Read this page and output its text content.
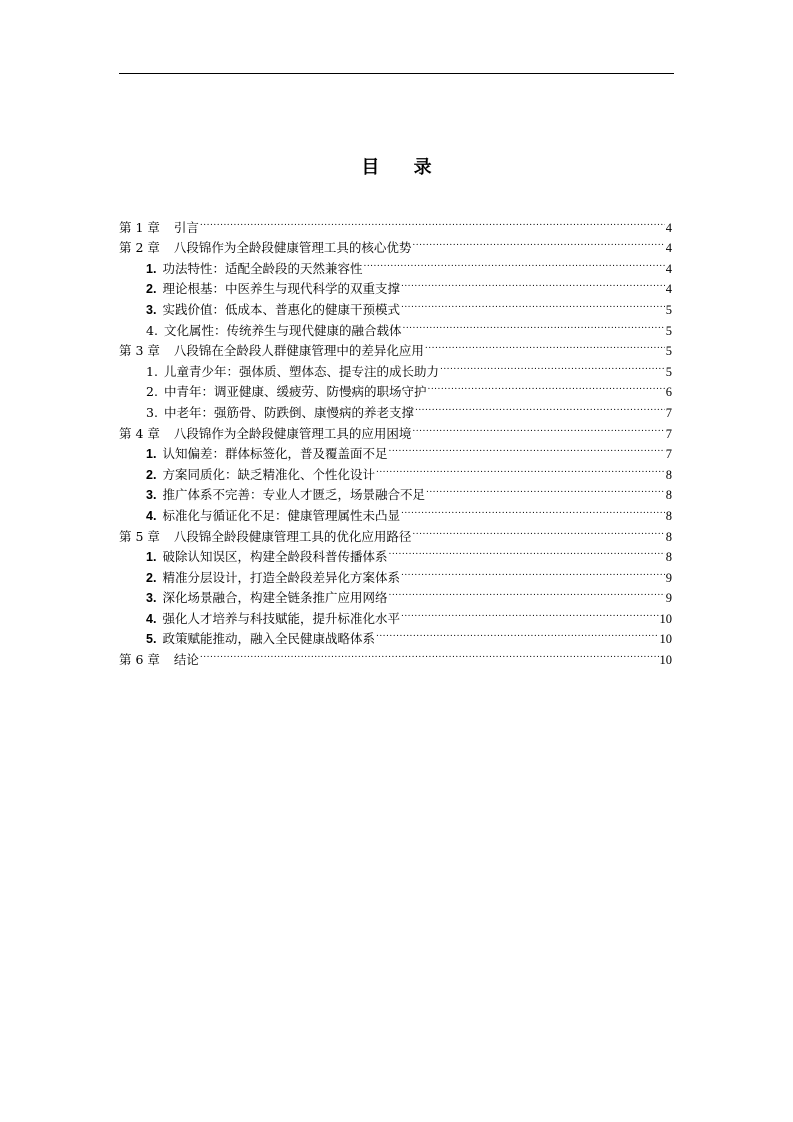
目 录
第 1 章 引言 .....	4
第 2 章 八段锦作为全龄段健康管理工具的核心优势 .....	4
1. 功法特性：适配全龄段的天然兼容性 .....	4
2. 理论根基：中医养生与现代科学的双重支撑 .....	4
3. 实践价值：低成本、普惠化的健康干预模式 .....	5
4. 文化属性：传统养生与现代健康的融合载体 .....	5
第 3 章 八段锦在全龄段人群健康管理中的差异化应用 .....	5
1. 儿童青少年：强体质、塑体态、提专注的成长助力 .....	5
2. 中青年：调亚健康、缓疲劳、防慢病的职场守护 .....	6
3. 中老年：强筋骨、防跌倒、康慢病的养老支撑 .....	7
第 4 章 八段锦作为全龄段健康管理工具的应用困境 .....	7
1. 认知偏差：群体标签化，普及覆盖面不足 .....	7
2. 方案同质化：缺乏精准化、个性化设计 .....	8
3. 推广体系不完善：专业人才匮乏，场景融合不足 .....	8
4. 标准化与循证化不足：健康管理属性未凸显 .....	8
第 5 章 八段锦全龄段健康管理工具的优化应用路径 .....	8
1. 破除认知误区，构建全龄段科普传播体系 .....	8
2. 精准分层设计，打造全龄段差异化方案体系 .....	9
3. 深化场景融合，构建全链条推广应用网络 .....	9
4. 强化人才培养与科技赋能，提升标准化水平 .....	10
5. 政策赋能推动，融入全民健康战略体系 .....	10
第 6 章 结论 .....	10
